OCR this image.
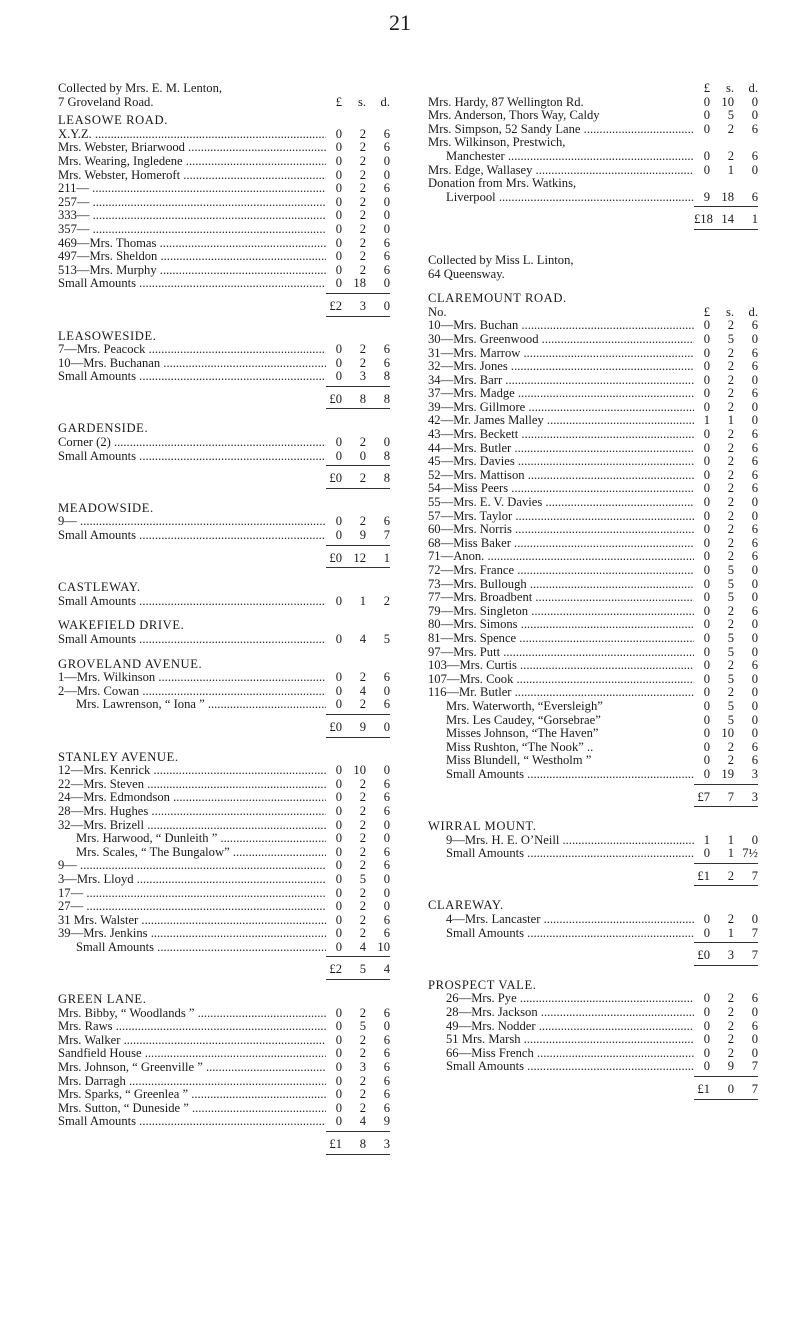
21
Collected by Mrs. E. M. Lenton,
7 Groveland Road.	£	s.	d.
LEASOWE ROAD.
X.Y.Z. .....	0	2	6
Mrs. Webster, Briarwood .....	0	2	6
Mrs. Wearing, Ingledene .....	0	2	0
Mrs. Webster, Homeroft .....	0	2	0
211— .....	0	2	6
257— .....	0	2	0
333— .....	0	2	0
357— .....	0	2	0
469—Mrs. Thomas .....	0	2	6
497—Mrs. Sheldon .....	0	2	6
513—Mrs. Murphy .....	0	2	6
Small Amounts .....	0 18	0
£2	3	0
LEASOWESIDE.
7—Mrs. Peacock .....	0	2	6
10—Mrs. Buchanan .....	0	2	6
Small Amounts .....	0	3	8
£0	8	8
GARDENSIDE.
Corner (2) .....	0	2	0
Small Amounts .....	0	0	8
£0	2	8
MEADOWSIDE.
9— .....	0	2	6
Small Amounts .....	0	9	7
£0 12	1
CASTLEWAY.
Small Amounts .....	0	1	2
WAKEFIELD DRIVE.
Small Amounts .....	0	4	5
GROVELAND AVENUE.
1—Mrs. Wilkinson .....	0	2	6
2—Mrs. Cowan .....	0	4	0
Mrs. Lawrenson, “ Iona ” .....	0	2	6
£0	9	0
STANLEY AVENUE.
12—Mrs. Kenrick .....	0 10	0
22—Mrs. Steven .....	0	2	6
24—Mrs. Edmondson .....	0	2	6
28—Mrs. Hughes .....	0	2	6
32—Mrs. Brizell .....	0	2	0
Mrs. Harwood, “ Dunleith ” .....	0	2	0
Mrs. Scales, “ The Bungalow” .....	0	2	6
9— .....	0	2	6
3—Mrs. Lloyd .....	0	5	0
17— .....	0	2	0
27— .....	0	2	0
31 Mrs. Walster .....	0	2	6
39—Mrs. Jenkins .....	0	2	6
Small Amounts .....	0	4 10
£2	5	4
GREEN LANE.
Mrs. Bibby, “ Woodlands ” .....	0	2	6
Mrs. Raws .....	0	5	0
Mrs. Walker .....	0	2	6
Sandfield House .....	0	2	6
Mrs. Johnson, “ Greenville ” .....	0	3	6
Mrs. Darragh .....	0	2	6
Mrs. Sparks, “ Greenlea ” .....	0	2	6
Mrs. Sutton, “ Duneside ” .....	0	2	6
Small Amounts .....	0	4	9
£1	8	3
£	s.	d.
Mrs. Hardy, 87 Wellington Rd.	0 10	0
Mrs. Anderson, Thors Way, Caldy	0	5	0
Mrs. Simpson, 52 Sandy Lane .....	0	2	6
Mrs. Wilkinson, Prestwich,
Manchester .....	0	2	6
Mrs. Edge, Wallasey .....	0	1	0
Donation from Mrs. Watkins,
Liverpool .....	9 18	6
£18 14	1
Collected by Miss L. Linton,
64 Queensway.
CLAREMOUNT ROAD.
No.	£	s.	d.
10—Mrs. Buchan .....	0	2	6
30—Mrs. Greenwood .....	0	5	0
31—Mrs. Marrow .....	0	2	6
32—Mrs. Jones .....	0	2	6
34—Mrs. Barr .....	0	2	0
37—Mrs. Madge .....	0	2	6
39—Mrs. Gillmore .....	0	2	0
42—Mr. James Malley .....	1	1	0
43—Mrs. Beckett .....	0	2	6
44—Mrs. Butler .....	0	2	6
45—Mrs. Davies .....	0	2	6
52—Mrs. Mattison .....	0	2	6
54—Miss Peers .....	0	2	6
55—Mrs. E. V. Davies .....	0	2	0
57—Mrs. Taylor .....	0	2	0
60—Mrs. Norris .....	0	2	6
68—Miss Baker .....	0	2	6
71—Anon. .....	0	2	6
72—Mrs. France .....	0	5	0
73—Mrs. Bullough .....	0	5	0
77—Mrs. Broadbent .....	0	5	0
79—Mrs. Singleton .....	0	2	6
80—Mrs. Simons .....	0	2	0
81—Mrs. Spence .....	0	5	0
97—Mrs. Putt .....	0	5	0
103—Mrs. Curtis .....	0	2	6
107—Mrs. Cook .....	0	5	0
116—Mr. Butler .....	0	2	0
Mrs. Waterworth, “Eversleigh”	0	5	0
Mrs. Les Caudey, “Gorsebrae”	0	5	0
Misses Johnson, “The Haven”	0 10	0
Miss Rushton, “The Nook” ..	0	2	6
Miss Blundell, “ Westholm ”	0	2	6
Small Amounts .....	0 19	3
£7	7	3
WIRRAL MOUNT.
9—Mrs. H. E. O’Neill .....	1	1	0
Small Amounts .....	0	1 7½
£1	2	7
CLAREWAY.
4—Mrs. Lancaster .....	0	2	0
Small Amounts .....	0	1	7
£0	3	7
PROSPECT VALE.
26—Mrs. Pye .....	0	2	6
28—Mrs. Jackson .....	0	2	0
49—Mrs. Nodder .....	0	2	6
51 Mrs. Marsh .....	0	2	0
66—Miss French .....	0	2	0
Small Amounts .....	0	9	7
£1	0	7
